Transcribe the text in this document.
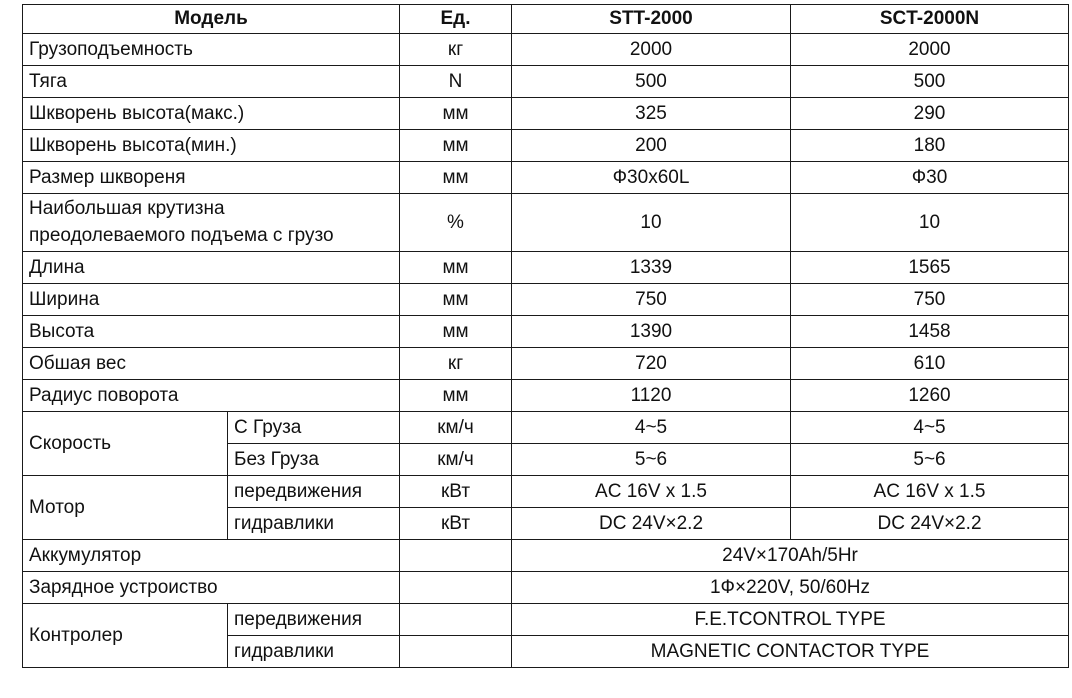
Модель		Ед.	STT-2000	SCT-2000N
Грузоподъемность		кг	2000	2000
Тяга		N	500	500
Шкворень высота(макс.)		мм	325	290
Шкворень высота(мин.)		мм	200	180
Размер шкворeня		мм	Ф30х60L	Ф30

Наибольшая крутизна
преодолеваемого подъема с грузо		%	10	10
Длина		мм	1339	1565
Ширина		мм	750	750
Высота		мм	1390	1458
Обшая вес		кг	720	610
Радиус поворота		мм	1120	1260
Скорость	С Груза	км/ч	4~5	4~5
	Без Груза	км/ч	5~6	5~6
Мотор	передвижения	кВт	AC 16V x 1.5	AC 16V x 1.5
	гидравлики	кВт	DC 24V×2.2	DC 24V×2.2
Аккумулятор			24V×170Ah/5Hr	
Зарядное устроиство			1Ф×220V, 50/60Hz	
Контролер	передвижения		F.E.TCONTROL TYPE	
	гидравлики		MAGNETIC CONTACTOR TYPE	
